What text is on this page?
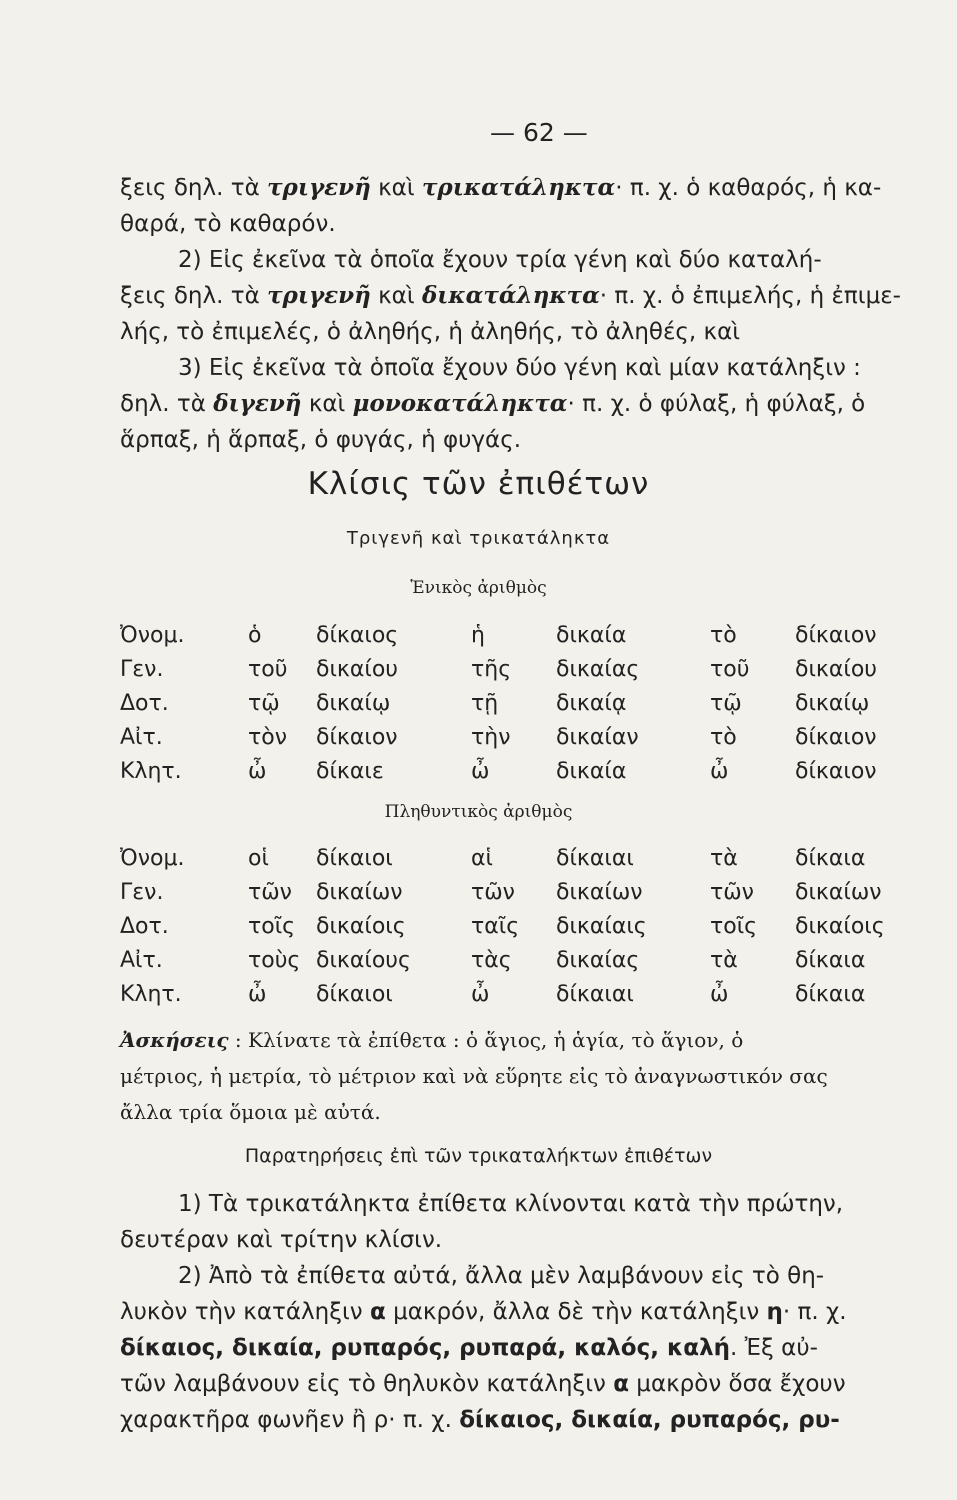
— 62 —
ξεις δηλ. τὰ τριγενῆ καὶ τρικατάληκτα· π. χ. ὁ καθαρός, ἡ κα-
θαρά, τὸ καθαρόν.
2) Εἰς ἐκεῖνα τὰ ὁποῖα ἔχουν τρία γένη καὶ δύο καταλή-
ξεις δηλ. τὰ τριγενῆ καὶ δικατάληκτα· π. χ. ὁ ἐπιμελής, ἡ ἐπιμε-
λής, τὸ ἐπιμελές, ὁ ἀληθής, ἡ ἀληθής, τὸ ἀληθές, καὶ
3) Εἰς ἐκεῖνα τὰ ὁποῖα ἔχουν δύο γένη καὶ μίαν κατάληξιν :
δηλ. τὰ διγενῆ καὶ μονοκατάληκτα· π. χ. ὁ φύλαξ, ἡ φύλαξ, ὁ
ἅρπαξ, ἡ ἅρπαξ, ὁ φυγάς, ἡ φυγάς.
Κλίσις τῶν ἐπιθέτων
Τριγενῆ καὶ τρικατάληκτα
Ἑνικὸς ἀριθμὸς
Ὀνομ.	ὁ	δίκαιος	ἡ	δικαία	τὸ	δίκαιον
Γεν.	τοῦ	δικαίου	τῆς	δικαίας	τοῦ	δικαίου
Δοτ.	τῷ	δικαίῳ	τῇ	δικαίᾳ	τῷ	δικαίῳ
Αἰτ.	τὸν	δίκαιον	τὴν	δικαίαν	τὸ	δίκαιον
Κλητ.	ὦ	δίκαιε	ὦ	δικαία	ὦ	δίκαιον
Πληθυντικὸς ἀριθμὸς
Ὀνομ.	οἱ	δίκαιοι	αἱ	δίκαιαι	τὰ	δίκαια
Γεν.	τῶν	δικαίων	τῶν	δικαίων	τῶν	δικαίων
Δοτ.	τοῖς	δικαίοις	ταῖς	δικαίαις	τοῖς	δικαίοις
Αἰτ.	τοὺς	δικαίους	τὰς	δικαίας	τὰ	δίκαια
Κλητ.	ὦ	δίκαιοι	ὦ	δίκαιαι	ὦ	δίκαια
Ἀσκήσεις : Κλίνατε τὰ ἐπίθετα : ὁ ἅγιος, ἡ ἁγία, τὸ ἅγιον, ὁ
μέτριος, ἡ μετρία, τὸ μέτριον καὶ νὰ εὕρητε εἰς τὸ ἀναγνωστικόν σας
ἄλλα τρία ὅμοια μὲ αὐτά.
Παρατηρήσεις ἐπὶ τῶν τρικαταλήκτων ἐπιθέτων
1) Τὰ τρικατάληκτα ἐπίθετα κλίνονται κατὰ τὴν πρώτην,
δευτέραν καὶ τρίτην κλίσιν.
2) Ἀπὸ τὰ ἐπίθετα αὐτά, ἄλλα μὲν λαμβάνουν εἰς τὸ θη-
λυκὸν τὴν κατάληξιν α μακρόν, ἄλλα δὲ τὴν κατάληξιν η· π. χ.
δίκαιος, δικαία, ρυπαρός, ρυπαρά, καλός, καλή. Ἐξ αὐ-
τῶν λαμβάνουν εἰς τὸ θηλυκὸν κατάληξιν α μακρὸν ὅσα ἔχουν
χαρακτῆρα φωνῆεν ἢ ρ· π. χ. δίκαιος, δικαία, ρυπαρός, ρυ-
